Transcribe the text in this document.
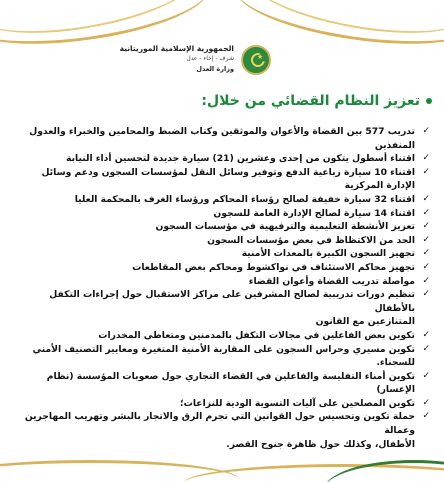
★
الجمهورية الإسلامية الموريتانية
شرف - إخاء - عدل
وزارة العدل
تعزيز النظام القضائي من خلال:
✓
تدريب 577 بين القضاة والأعوان والموثقين وكتاب الضبط والمحامين والخبراء والعدول المنفذين
✓
اقتناء أسطول يتكون من إحدى وعشرين (21) سيارة جديدة لتحسين أداء النيابة
✓
اقتناء 10 سيارة رباعية الدفع وتوفير وسائل النقل لمؤسسات السجون ودعم وسائل الإدارة المركزية
✓
اقتناء 32 سيارة خفيفة لصالح رؤساء المحاكم ورؤساء الغرف بالمحكمة العليا
✓
اقتناء 14 سيارة لصالح الإدارة العامة للسجون
✓
تعزيز الأنشطة التعليمية والترفيهية في مؤسسات السجون
✓
الحد من الاكتظاظ في بعض مؤسسات السجون
✓
تجهيز السجون الكبيرة بالمعدات الأمنية
✓
تجهيز محاكم الاستئناف في نواكشوط ومحاكم بعض المقاطعات
✓
مواصلة تدريب القضاة وأعوان القضاء
✓
تنظيم دورات تدريبية لصالح المشرفين على مراكز الاستقبال حول إجراءات التكفل بالأطفال
المتنازعين مع القانون
✓
تكوين بعض الفاعلين في مجالات التكفل بالمدمنين ومتعاطي المخدرات
✓
تكوين مسيري وحراس السجون على المقاربة الأمنية المتغيرة ومعايير التصنيف الأمني للسجناء.
✓
تكوين أمناء التفليسة والفاعلين في القضاء التجاري حول صعوبات المؤسسة (نظام الإعسار)
✓
تكوين المصلحين على آليات التسوية الودية للنزاعات؛
✓
حملة تكوين وتحسيس حول القوانين التي تجرم الرق والاتجار بالبشر وتهريب المهاجرين وعمالة
الأطفال، وكذلك حول ظاهرة جنوح القصر.
